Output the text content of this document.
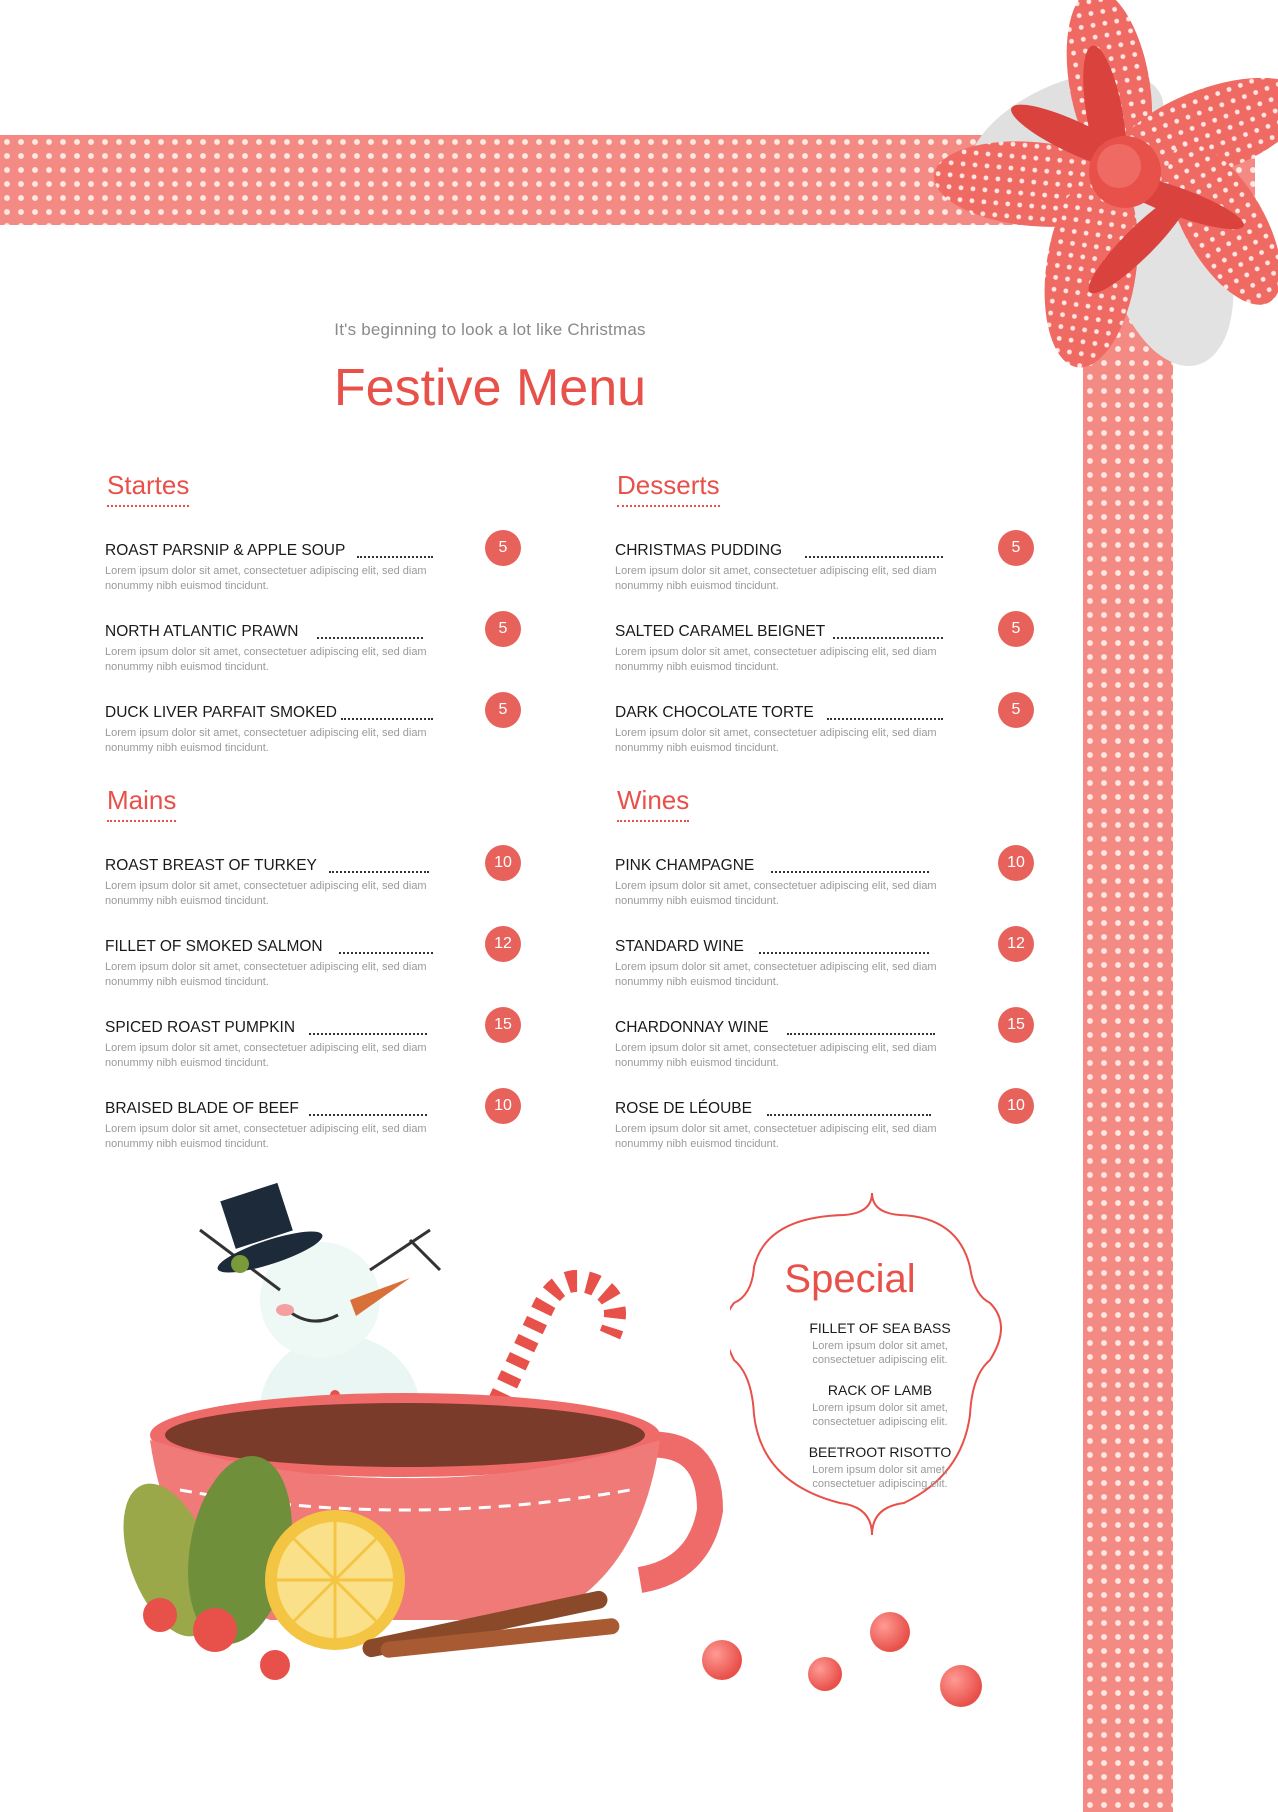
It's beginning to look a lot like Christmas
Festive Menu
Startes
ROAST PARSNIP & APPLE SOUP
Lorem ipsum dolor sit amet, consectetuer adipiscing elit, sed diam nonummy nibh euismod tincidunt.
5
NORTH ATLANTIC PRAWN
Lorem ipsum dolor sit amet, consectetuer adipiscing elit, sed diam nonummy nibh euismod tincidunt.
5
DUCK LIVER PARFAIT SMOKED
Lorem ipsum dolor sit amet, consectetuer adipiscing elit, sed diam nonummy nibh euismod tincidunt.
5
Desserts
CHRISTMAS PUDDING
Lorem ipsum dolor sit amet, consectetuer adipiscing elit, sed diam nonummy nibh euismod tincidunt.
5
SALTED CARAMEL BEIGNET
Lorem ipsum dolor sit amet, consectetuer adipiscing elit, sed diam nonummy nibh euismod tincidunt.
5
DARK CHOCOLATE TORTE
Lorem ipsum dolor sit amet, consectetuer adipiscing elit, sed diam nonummy nibh euismod tincidunt.
5
Mains
ROAST BREAST OF TURKEY
Lorem ipsum dolor sit amet, consectetuer adipiscing elit, sed diam nonummy nibh euismod tincidunt.
10
FILLET OF SMOKED SALMON
Lorem ipsum dolor sit amet, consectetuer adipiscing elit, sed diam nonummy nibh euismod tincidunt.
12
SPICED ROAST PUMPKIN
Lorem ipsum dolor sit amet, consectetuer adipiscing elit, sed diam nonummy nibh euismod tincidunt.
15
BRAISED BLADE OF BEEF
Lorem ipsum dolor sit amet, consectetuer adipiscing elit, sed diam nonummy nibh euismod tincidunt.
10
Wines
PINK CHAMPAGNE
Lorem ipsum dolor sit amet, consectetuer adipiscing elit, sed diam nonummy nibh euismod tincidunt.
10
STANDARD WINE
Lorem ipsum dolor sit amet, consectetuer adipiscing elit, sed diam nonummy nibh euismod tincidunt.
12
CHARDONNAY WINE
Lorem ipsum dolor sit amet, consectetuer adipiscing elit, sed diam nonummy nibh euismod tincidunt.
15
ROSE DE LÉOUBE
Lorem ipsum dolor sit amet, consectetuer adipiscing elit, sed diam nonummy nibh euismod tincidunt.
10
Special
FILLET OF SEA BASS
Lorem ipsum dolor sit amet, consectetuer adipiscing elit.
RACK OF LAMB
Lorem ipsum dolor sit amet, consectetuer adipiscing elit.
BEETROOT RISOTTO
Lorem ipsum dolor sit amet, consectetuer adipiscing elit.
